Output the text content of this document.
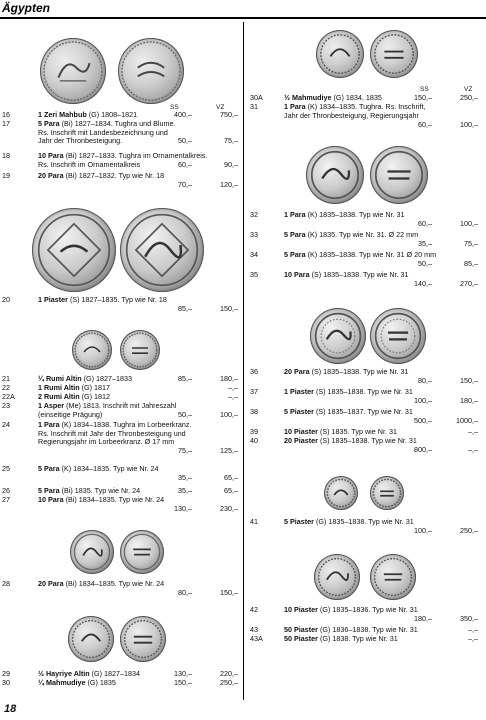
Ägypten
SS	VZ
16	1 Zeri Mahbub (G) 1808–1821	400,–	750,–
17	5 Para (Bi) 1827–1834. Tughra und Blume.
Rs. Inschrift mit Landesbezeichnung und
Jahr der Thronbesteigung.	50,–	75,–
18	10 Para (Bi) 1827–1833. Tughra im Ornamentalkreis.
Rs. Inschrift im Ornamentalkreis	60,–	90,–
19	20 Para (Bi) 1827–1832. Typ wie Nr. 18
70,–	120,–
20	1 Piaster (S) 1827–1835. Typ wie Nr. 18
85,–	150,–
21	¼ Rumi Altin (G) 1827–1833	85,–	180,–
22	1 Rumi Altin (G) 1817	–,–
22A	2 Rumi Altin (G) 1812	–,–
23	1 Asper (Me) 1813. Inschrift mit Jahreszahl
(einseitige Prägung)	50,–	100,–
24	1 Para (K) 1834–1838. Tughra im Lorbeerkranz.
Rs. Inschrift mit Jahr der Thronbesteigung und
Regierungsjahr im Lorbeerkranz. Ø 17 mm
75,–	125,–
25	5 Para (K) 1834–1835. Typ wie Nr. 24
35,–	65,–
26	5 Para (Bi) 1835. Typ wie Nr. 24	35,–	65,–
27	10 Para (Bi) 1834–1835. Typ wie Nr. 24
130,–	230,–
28	20 Para (Bi) 1834–1835. Typ wie Nr. 24
80,–	150,–
29	½ Hayriye Altin (G) 1827–1834	130,–	220,–
30	¼ Mahmudiye (G) 1835	150,–	250,–
18
SS	VZ
30A	½ Mahmudiye (G) 1834, 1835	150,–	250,–
31	1 Para (K) 1834–1835. Tughra. Rs. Inschrift,
Jahr der Thronbesteigung, Regierungsjahr
60,–	100,–
32	1 Para (K) 1835–1838. Typ wie Nr. 31
60,–	100,–
33	5 Para (K) 1835. Typ wie Nr. 31. Ø 22 mm
35,–	75,–
34	5 Para (K) 1835–1838. Typ wie Nr. 31 Ø 20 mm
50,–	85,–
35	10 Para (S) 1835–1838. Typ wie Nr. 31
140,–	270,–
36	20 Para (S) 1835–1838. Typ wie Nr. 31
80,–	150,–
37	1 Piaster (S) 1835–1838. Typ wie Nr. 31
100,–	180,–
38	5 Piaster (S) 1835–1837. Typ wie Nr. 31
500,–	1000,–
39	10 Piaster (S) 1835. Typ wie Nr. 31	–,–
40	20 Piaster (S) 1835–1838. Typ wie Nr. 31
800,–	–,–
41	5 Piaster (G) 1835–1838. Typ wie Nr. 31
100,–	250,–
42	10 Piaster (G) 1835–1836. Typ wie Nr. 31
180,–	350,–
43	50 Piaster (G) 1836–1838. Typ wie Nr. 31	–,–
43A	50 Piaster (G) 1838. Typ wie Nr. 31	–,–
